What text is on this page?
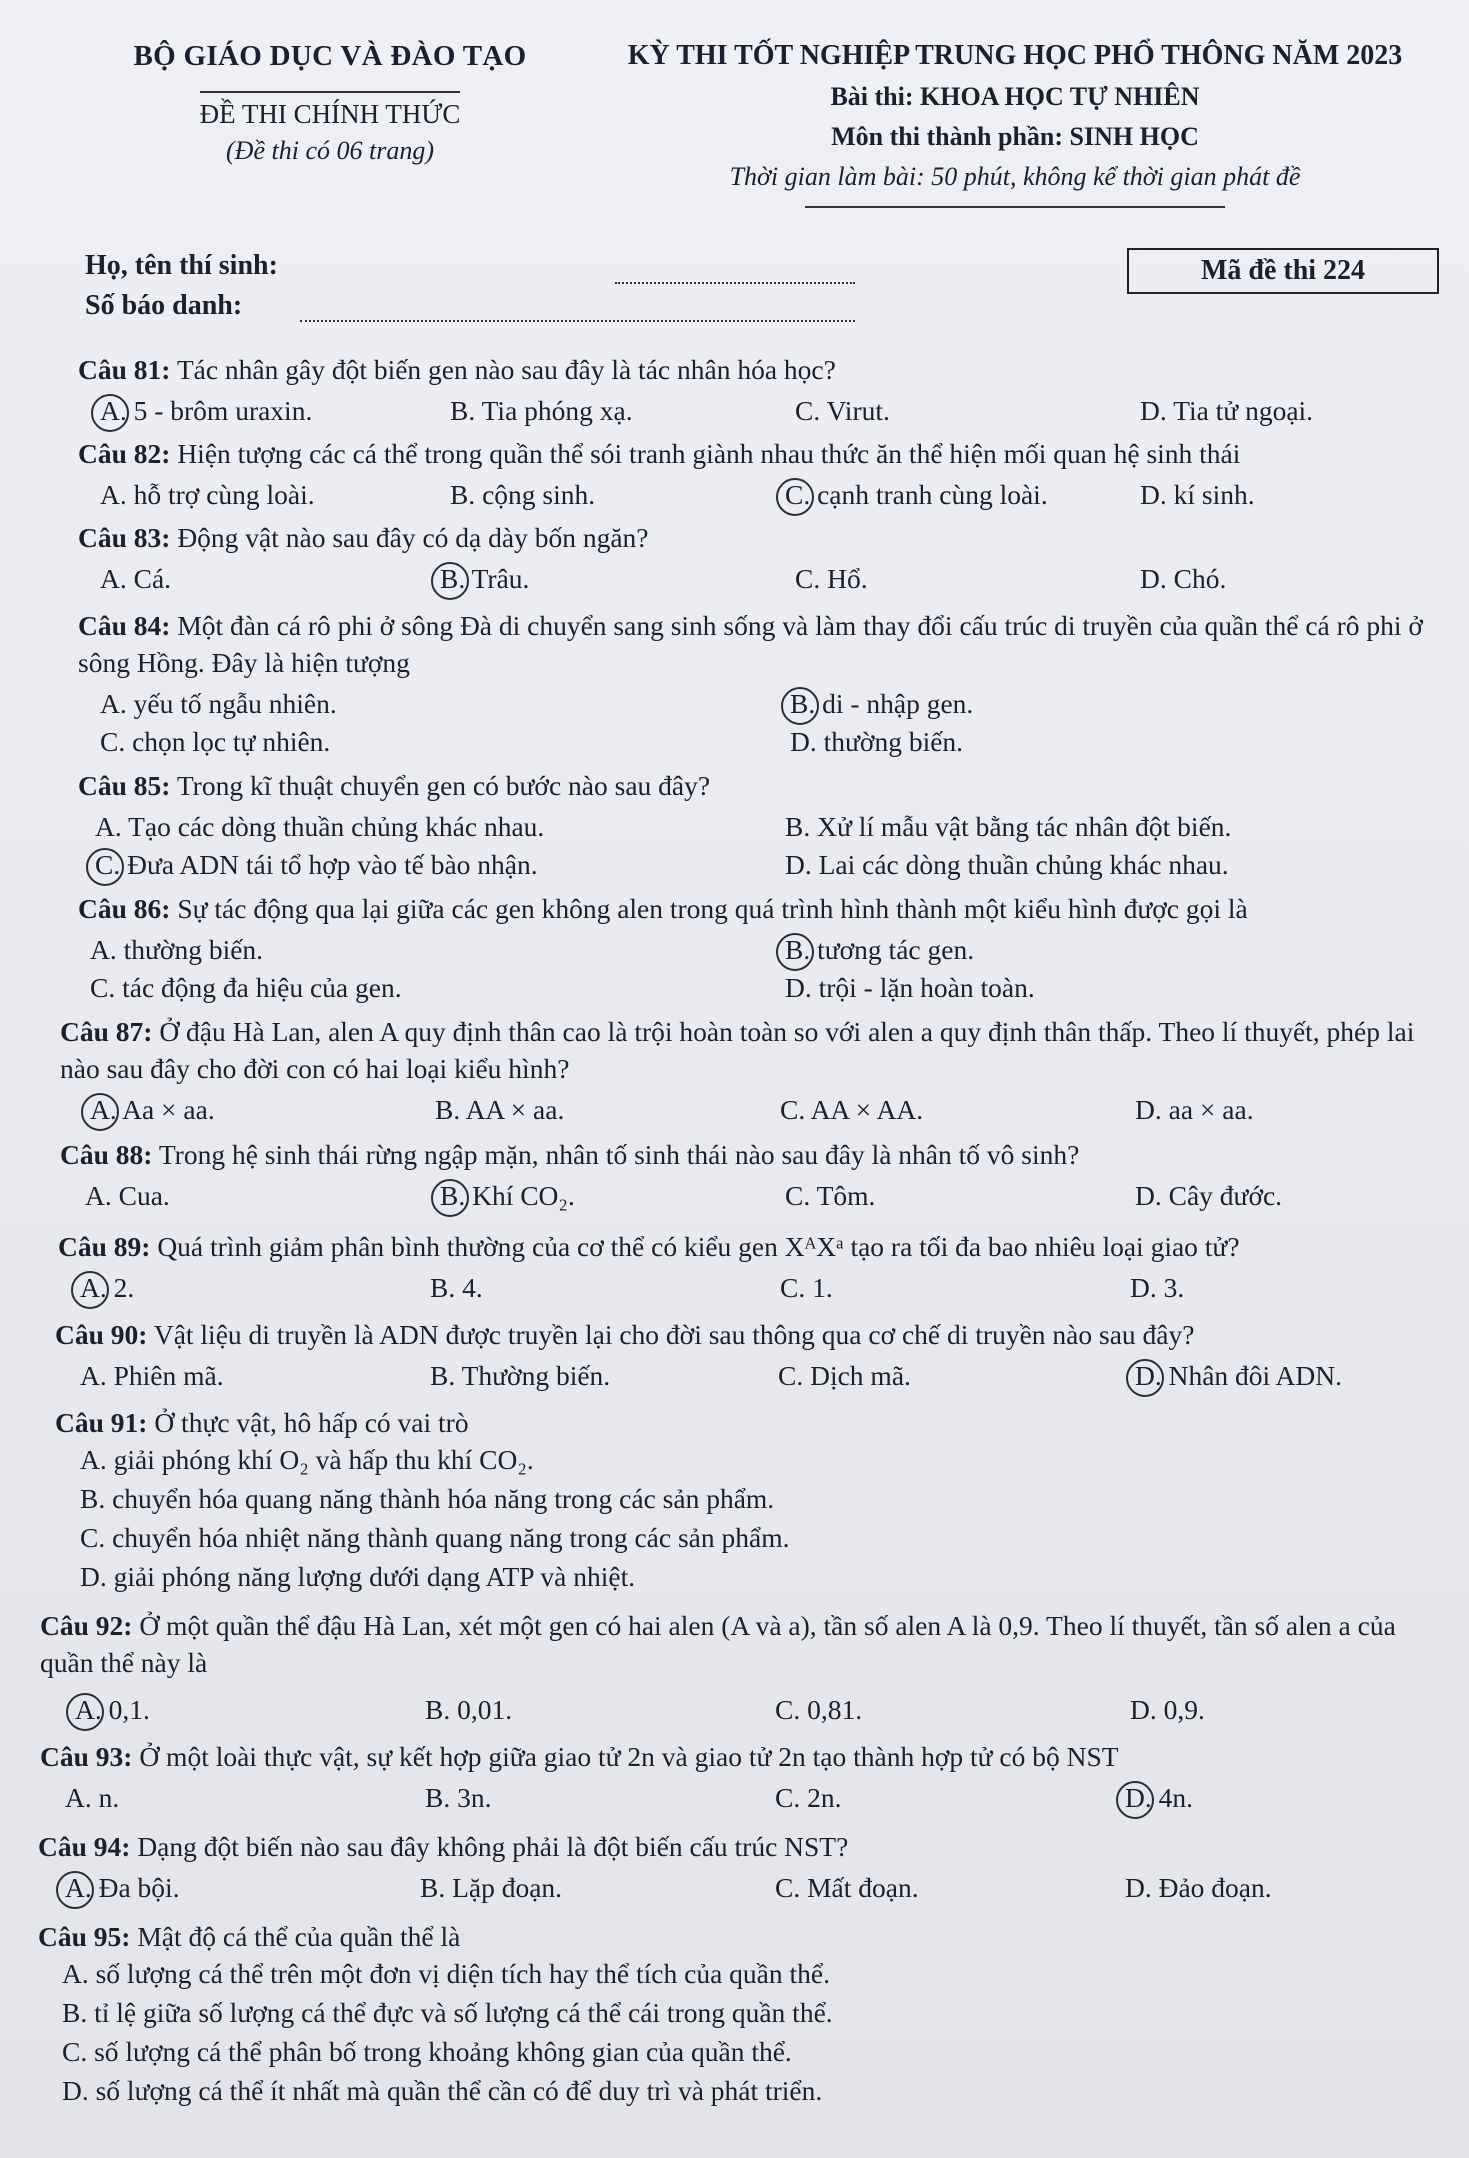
BỘ GIÁO DỤC VÀ ĐÀO TẠO
ĐỀ THI CHÍNH THỨC
(Đề thi có 06 trang)
KỲ THI TỐT NGHIỆP TRUNG HỌC PHỔ THÔNG NĂM 2023
Bài thi: KHOA HỌC TỰ NHIÊN
Môn thi thành phần: SINH HỌC
Thời gian làm bài: 50 phút, không kể thời gian phát đề
Họ, tên thí sinh:
Số báo danh:
Mã đề thi 224
Câu 81: Tác nhân gây đột biến gen nào sau đây là tác nhân hóa học?
A. 5 - brôm uraxin.	B. Tia phóng xạ.	C. Virut.	D. Tia tử ngoại.
Câu 82: Hiện tượng các cá thể trong quần thể sói tranh giành nhau thức ăn thể hiện mối quan hệ sinh thái
A. hỗ trợ cùng loài.	B. cộng sinh.	C. cạnh tranh cùng loài.	D. kí sinh.
Câu 83: Động vật nào sau đây có dạ dày bốn ngăn?
A. Cá.	B. Trâu.	C. Hổ.	D. Chó.
Câu 84: Một đàn cá rô phi ở sông Đà di chuyển sang sinh sống và làm thay đổi cấu trúc di truyền của quần thể cá rô phi ở sông Hồng. Đây là hiện tượng
A. yếu tố ngẫu nhiên.	B. di - nhập gen.
C. chọn lọc tự nhiên.	D. thường biến.
Câu 85: Trong kĩ thuật chuyển gen có bước nào sau đây?
A. Tạo các dòng thuần chủng khác nhau.	B. Xử lí mẫu vật bằng tác nhân đột biến.
C. Đưa ADN tái tổ hợp vào tế bào nhận.	D. Lai các dòng thuần chủng khác nhau.
Câu 86: Sự tác động qua lại giữa các gen không alen trong quá trình hình thành một kiểu hình được gọi là
A. thường biến.	B. tương tác gen.
C. tác động đa hiệu của gen.	D. trội - lặn hoàn toàn.
Câu 87: Ở đậu Hà Lan, alen A quy định thân cao là trội hoàn toàn so với alen a quy định thân thấp. Theo lí thuyết, phép lai nào sau đây cho đời con có hai loại kiểu hình?
A. Aa × aa.	B. AA × aa.	C. AA × AA.	D. aa × aa.
Câu 88: Trong hệ sinh thái rừng ngập mặn, nhân tố sinh thái nào sau đây là nhân tố vô sinh?
A. Cua.	B. Khí CO₂.	C. Tôm.	D. Cây đước.
Câu 89: Quá trình giảm phân bình thường của cơ thể có kiểu gen XᴬXᵃ tạo ra tối đa bao nhiêu loại giao tử?
A. 2.	B. 4.	C. 1.	D. 3.
Câu 90: Vật liệu di truyền là ADN được truyền lại cho đời sau thông qua cơ chế di truyền nào sau đây?
A. Phiên mã.	B. Thường biến.	C. Dịch mã.	D. Nhân đôi ADN.
Câu 91: Ở thực vật, hô hấp có vai trò
A. giải phóng khí O₂ và hấp thu khí CO₂.
B. chuyển hóa quang năng thành hóa năng trong các sản phẩm.
C. chuyển hóa nhiệt năng thành quang năng trong các sản phẩm.
D. giải phóng năng lượng dưới dạng ATP và nhiệt.
Câu 92: Ở một quần thể đậu Hà Lan, xét một gen có hai alen (A và a), tần số alen A là 0,9. Theo lí thuyết, tần số alen a của quần thể này là
A. 0,1.	B. 0,01.	C. 0,81.	D. 0,9.
Câu 93: Ở một loài thực vật, sự kết hợp giữa giao tử 2n và giao tử 2n tạo thành hợp tử có bộ NST
A. n.	B. 3n.	C. 2n.	D. 4n.
Câu 94: Dạng đột biến nào sau đây không phải là đột biến cấu trúc NST?
A. Đa bội.	B. Lặp đoạn.	C. Mất đoạn.	D. Đảo đoạn.
Câu 95: Mật độ cá thể của quần thể là
A. số lượng cá thể trên một đơn vị diện tích hay thể tích của quần thể.
B. tỉ lệ giữa số lượng cá thể đực và số lượng cá thể cái trong quần thể.
C. số lượng cá thể phân bố trong khoảng không gian của quần thể.
D. số lượng cá thể ít nhất mà quần thể cần có để duy trì và phát triển.
